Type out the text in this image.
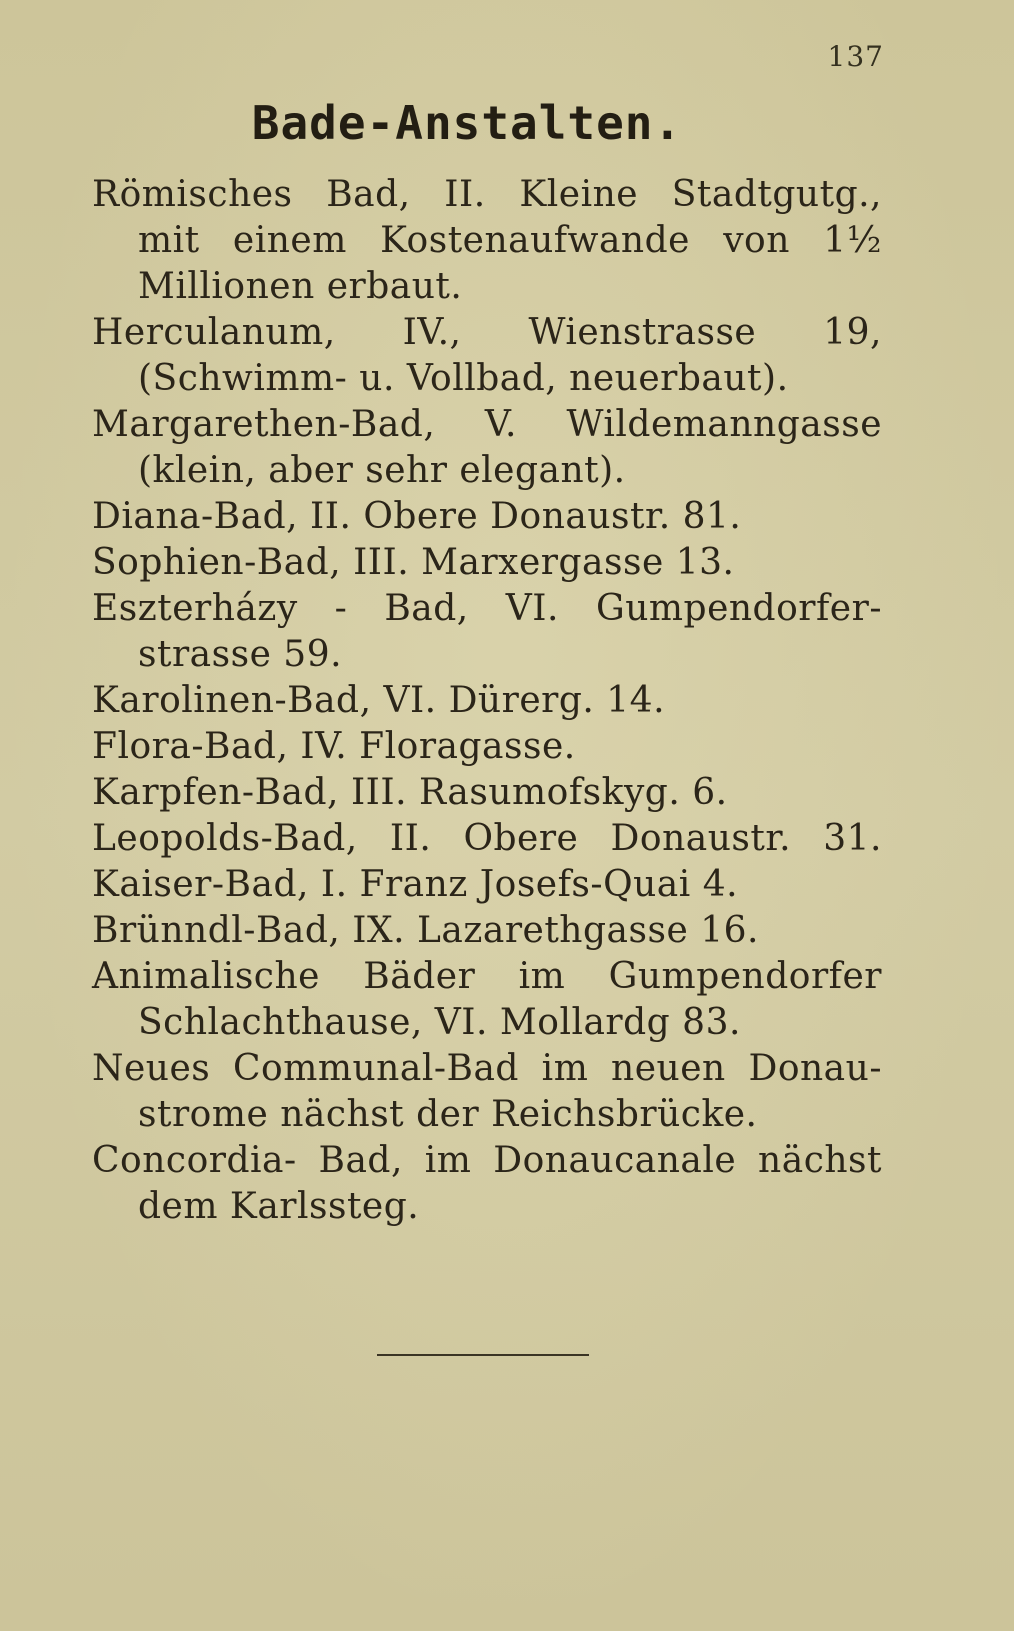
137
Bade-Anstalten.
Römisches Bad, II. Kleine Stadtgutg.,
mit einem Kostenaufwande von 1½
Millionen erbaut.
Herculanum, IV., Wienstrasse 19,
(Schwimm- u. Vollbad, neuerbaut).
Margarethen-Bad, V. Wildemanngasse
(klein, aber sehr elegant).
Diana-Bad, II. Obere Donaustr. 81.
Sophien-Bad, III. Marxergasse 13.
Eszterházy - Bad, VI. Gumpendorfer-
strasse 59.
Karolinen-Bad, VI. Dürerg. 14.
Flora-Bad, IV. Floragasse.
Karpfen-Bad, III. Rasumofskyg. 6.
Leopolds-Bad, II. Obere Donaustr. 31.
Kaiser-Bad, I. Franz Josefs-Quai 4.
Brünndl-Bad, IX. Lazarethgasse 16.
Animalische Bäder im Gumpendorfer
Schlachthause, VI. Mollardg 83.
Neues Communal-Bad im neuen Donau-
strome nächst der Reichsbrücke.
Concordia- Bad, im Donaucanale nächst
dem Karlssteg.
